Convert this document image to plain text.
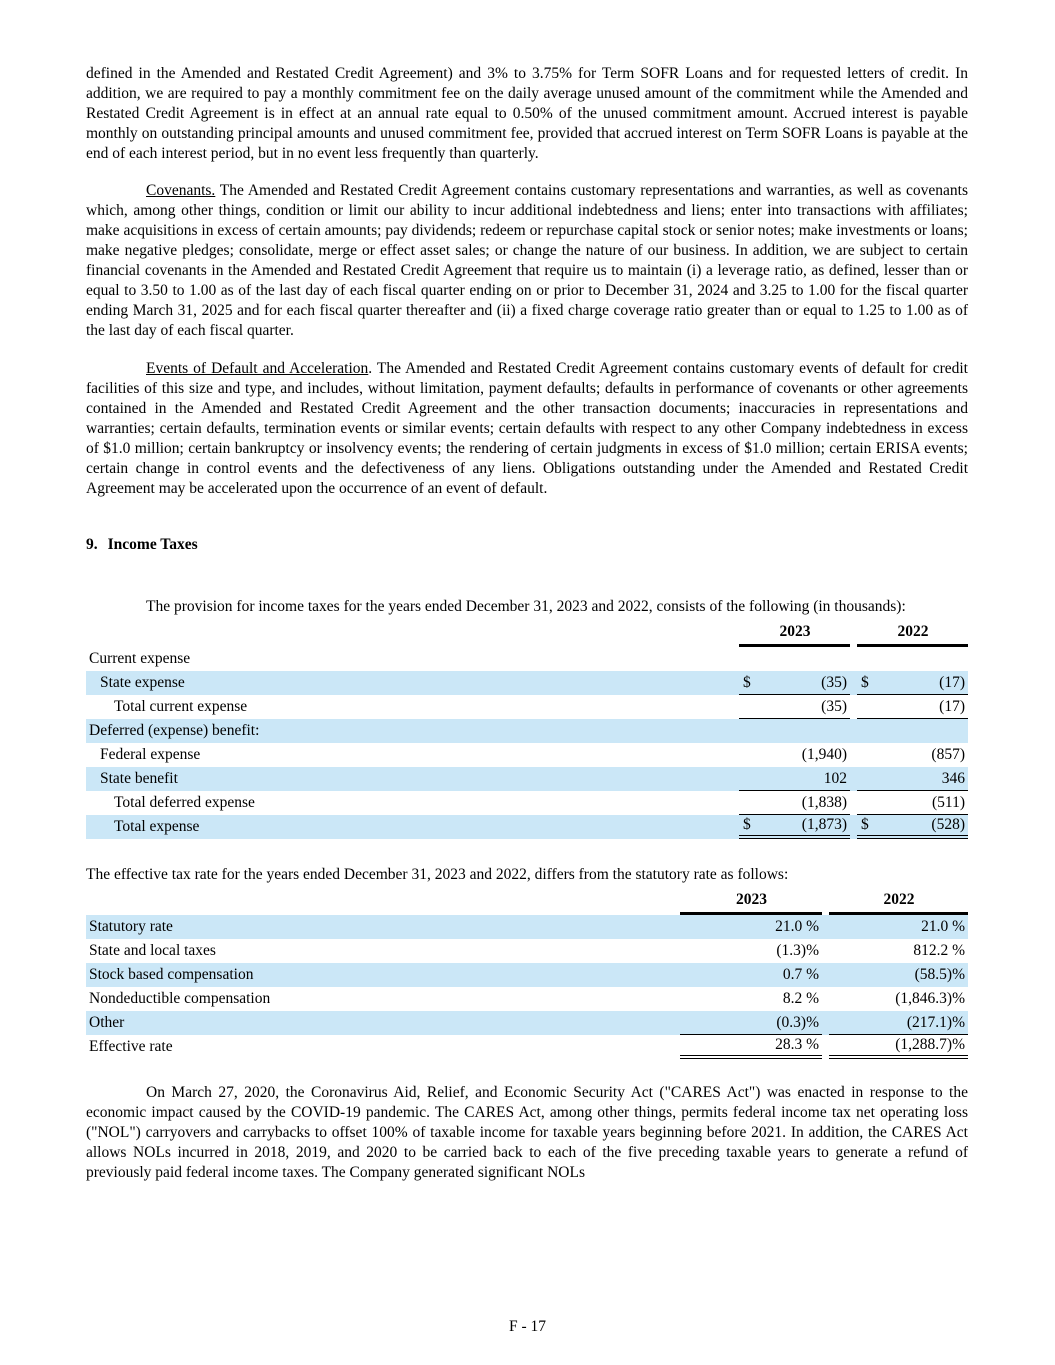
defined in the Amended and Restated Credit Agreement) and 3% to 3.75% for Term SOFR Loans and for requested letters of credit. In addition, we are required to pay a monthly commitment fee on the daily average unused amount of the commitment while the Amended and Restated Credit Agreement is in effect at an annual rate equal to 0.50% of the unused commitment amount. Accrued interest is payable monthly on outstanding principal amounts and unused commitment fee, provided that accrued interest on Term SOFR Loans is payable at the end of each interest period, but in no event less frequently than quarterly.

Covenants. The Amended and Restated Credit Agreement contains customary representations and warranties, as well as covenants which, among other things, condition or limit our ability to incur additional indebtedness and liens; enter into transactions with affiliates; make acquisitions in excess of certain amounts; pay dividends; redeem or repurchase capital stock or senior notes; make investments or loans; make negative pledges; consolidate, merge or effect asset sales; or change the nature of our business. In addition, we are subject to certain financial covenants in the Amended and Restated Credit Agreement that require us to maintain (i) a leverage ratio, as defined, lesser than or equal to 3.50 to 1.00 as of the last day of each fiscal quarter ending on or prior to December 31, 2024 and 3.25 to 1.00 for the fiscal quarter ending March 31, 2025 and for each fiscal quarter thereafter and (ii) a fixed charge coverage ratio greater than or equal to 1.25 to 1.00 as of the last day of each fiscal quarter.

Events of Default and Acceleration. The Amended and Restated Credit Agreement contains customary events of default for credit facilities of this size and type, and includes, without limitation, payment defaults; defaults in performance of covenants or other agreements contained in the Amended and Restated Credit Agreement and the other transaction documents; inaccuracies in representations and warranties; certain defaults, termination events or similar events; certain defaults with respect to any other Company indebtedness in excess of $1.0 million; certain bankruptcy or insolvency events; the rendering of certain judgments in excess of $1.0 million; certain ERISA events; certain change in control events and the defectiveness of any liens. Obligations outstanding under the Amended and Restated Credit Agreement may be accelerated upon the occurrence of an event of default.

9. Income Taxes

The provision for income taxes for the years ended December 31, 2023 and 2022, consists of the following (in thousands):

2023	2022
Current expense
State expense	$	(35) $	(17)
Total current expense	(35)	(17)
Deferred (expense) benefit:
Federal expense	(1,940)	(857)
State benefit	102	346
Total deferred expense	(1,838)	(511)
Total expense	$	(1,873) $	(528)

The effective tax rate for the years ended December 31, 2023 and 2022, differs from the statutory rate as follows:

2023	2022
Statutory rate	21.0 %	21.0 %
State and local taxes	(1.3)%	812.2 %
Stock based compensation	0.7 %	(58.5)%
Nondeductible compensation	8.2 %	(1,846.3)%
Other	(0.3)%	(217.1)%
Effective rate	28.3 %	(1,288.7)%

On March 27, 2020, the Coronavirus Aid, Relief, and Economic Security Act ("CARES Act") was enacted in response to the economic impact caused by the COVID-19 pandemic. The CARES Act, among other things, permits federal income tax net operating loss ("NOL") carryovers and carrybacks to offset 100% of taxable income for taxable years beginning before 2021. In addition, the CARES Act allows NOLs incurred in 2018, 2019, and 2020 to be carried back to each of the five preceding taxable years to generate a refund of previously paid federal income taxes. The Company generated significant NOLs

F - 17
